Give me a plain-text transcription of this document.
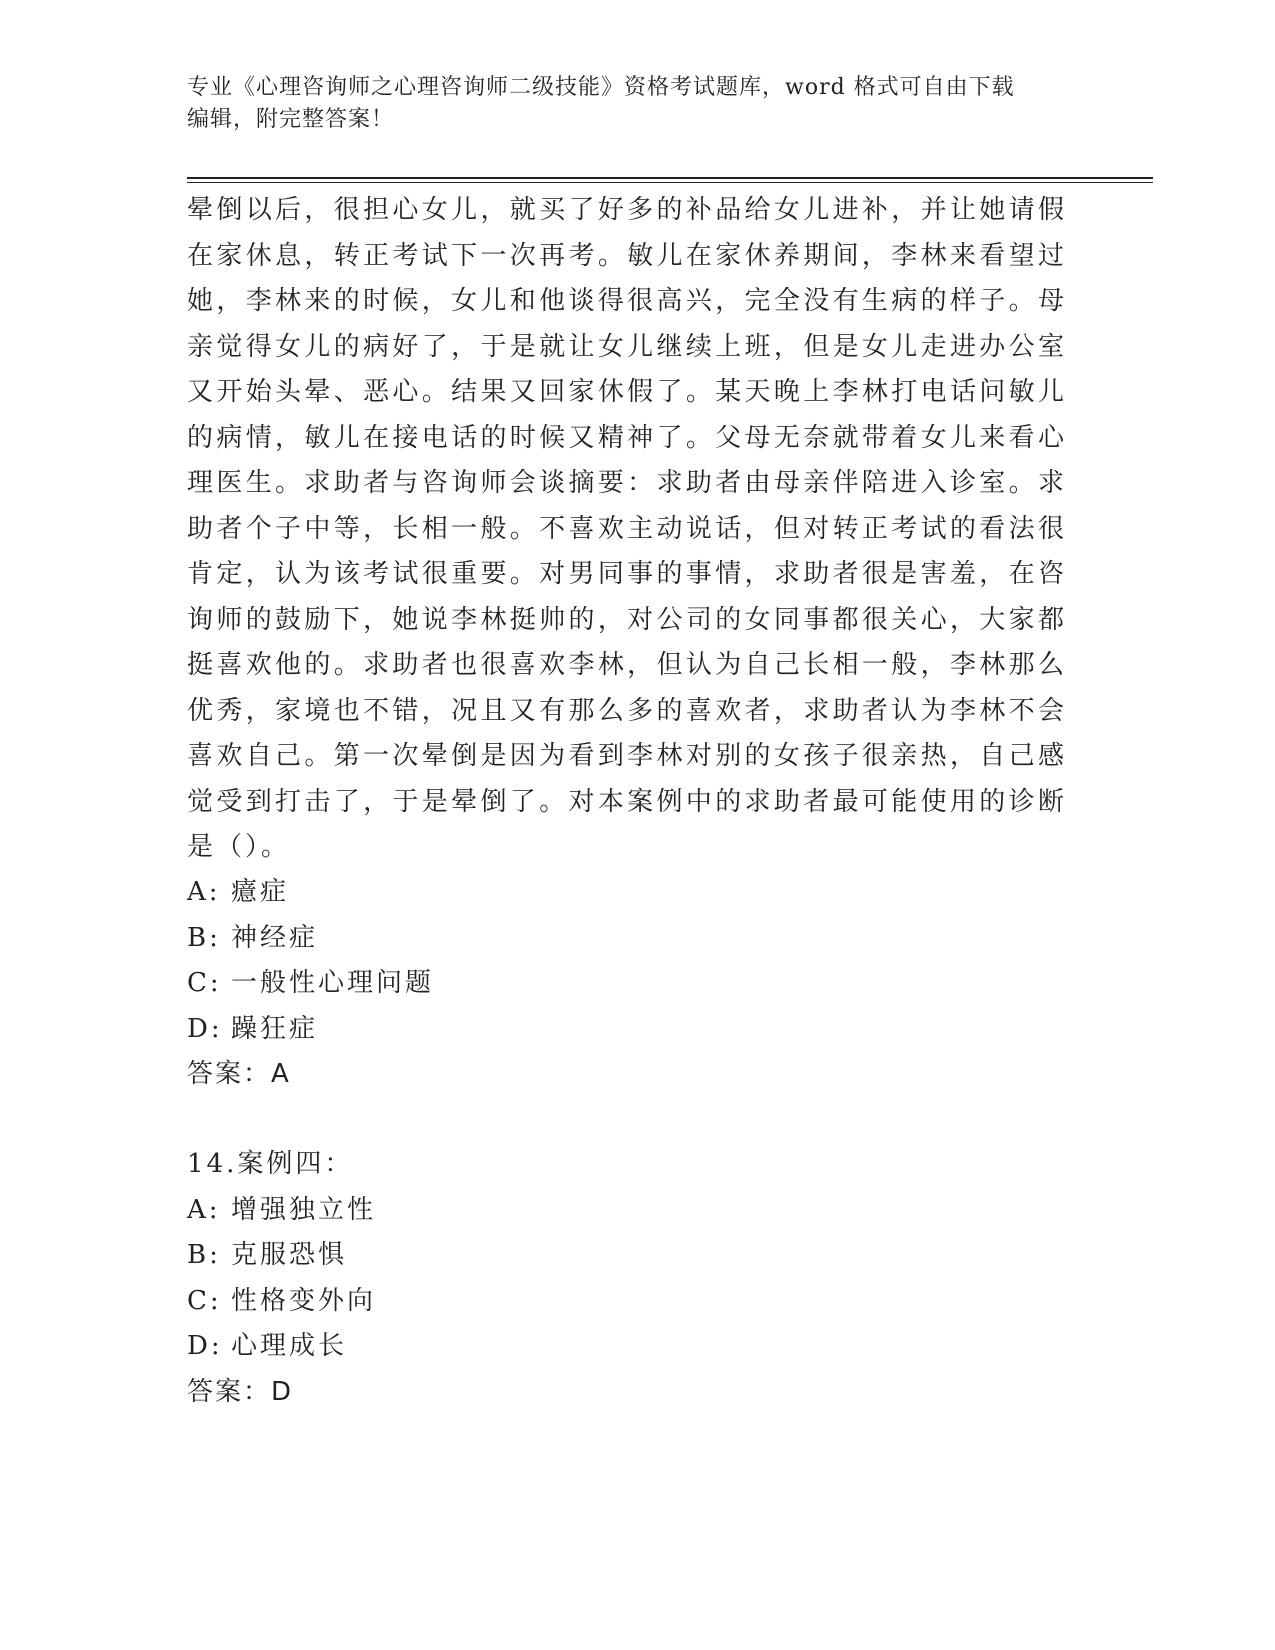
专业《心理咨询师之心理咨询师二级技能》资格考试题库，word 格式可自由下载
编辑，附完整答案！
晕倒以后，很担心女儿，就买了好多的补品给女儿进补，并让她请假在家休息，转正考试下一次再考。敏儿在家休养期间，李林来看望过她，李林来的时候，女儿和他谈得很高兴，完全没有生病的样子。母亲觉得女儿的病好了，于是就让女儿继续上班，但是女儿走进办公室又开始头晕、恶心。结果又回家休假了。某天晚上李林打电话问敏儿的病情，敏儿在接电话的时候又精神了。父母无奈就带着女儿来看心理医生。求助者与咨询师会谈摘要：求助者由母亲伴陪进入诊室。求助者个子中等，长相一般。不喜欢主动说话，但对转正考试的看法很肯定，认为该考试很重要。对男同事的事情，求助者很是害羞，在咨询师的鼓励下，她说李林挺帅的，对公司的女同事都很关心，大家都挺喜欢他的。求助者也很喜欢李林，但认为自己长相一般，李林那么优秀，家境也不错，况且又有那么多的喜欢者，求助者认为李林不会喜欢自己。第一次晕倒是因为看到李林对别的女孩子很亲热，自己感觉受到打击了，于是晕倒了。对本案例中的求助者最可能使用的诊断是（）。
A: 癔症
B: 神经症
C: 一般性心理问题
D: 躁狂症
答案：A
14.案例四：
A: 增强独立性
B: 克服恐惧
C: 性格变外向
D: 心理成长
答案：D
